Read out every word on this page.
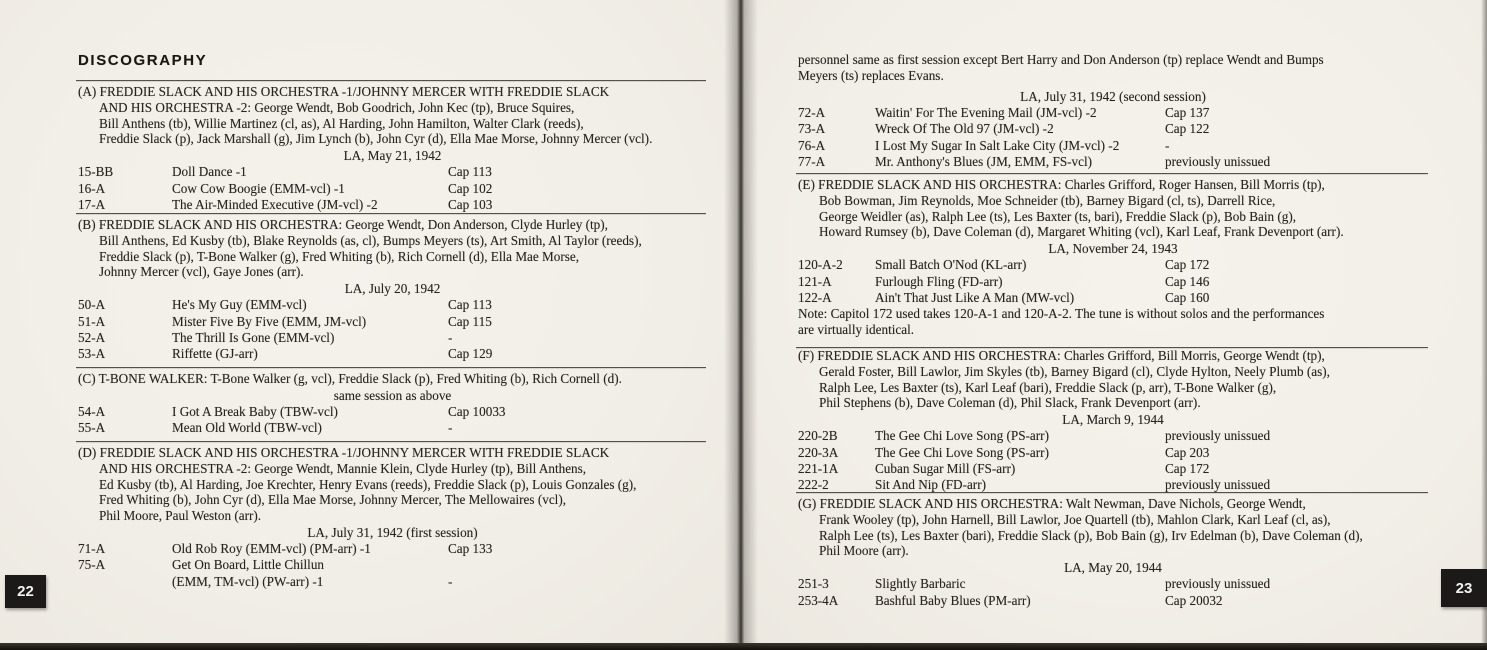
DISCOGRAPHY
22	23
(A) FREDDIE SLACK AND HIS ORCHESTRA -1/JOHNNY MERCER WITH FREDDIE SLACK
AND HIS ORCHESTRA -2: George Wendt, Bob Goodrich, John Kec (tp), Bruce Squires,
Bill Anthens (tb), Willie Martinez (cl, as), Al Harding, John Hamilton, Walter Clark (reeds),
Freddie Slack (p), Jack Marshall (g), Jim Lynch (b), John Cyr (d), Ella Mae Morse, Johnny Mercer (vcl).
LA, May 21, 1942
15-BB	Doll Dance -1	Cap 113
16-A	Cow Cow Boogie (EMM-vcl) -1	Cap 102
17-A	The Air-Minded Executive (JM-vcl) -2	Cap 103
(B) FREDDIE SLACK AND HIS ORCHESTRA: George Wendt, Don Anderson, Clyde Hurley (tp),
Bill Anthens, Ed Kusby (tb), Blake Reynolds (as, cl), Bumps Meyers (ts), Art Smith, Al Taylor (reeds),
Freddie Slack (p), T-Bone Walker (g), Fred Whiting (b), Rich Cornell (d), Ella Mae Morse,
Johnny Mercer (vcl), Gaye Jones (arr).
LA, July 20, 1942
50-A	He's My Guy (EMM-vcl)	Cap 113
51-A	Mister Five By Five (EMM, JM-vcl)	Cap 115
52-A	The Thrill Is Gone (EMM-vcl)	-
53-A	Riffette (GJ-arr)	Cap 129
(C) T-BONE WALKER: T-Bone Walker (g, vcl), Freddie Slack (p), Fred Whiting (b), Rich Cornell (d).
same session as above
54-A	I Got A Break Baby (TBW-vcl)	Cap 10033
55-A	Mean Old World (TBW-vcl)	-
(D) FREDDIE SLACK AND HIS ORCHESTRA -1/JOHNNY MERCER WITH FREDDIE SLACK
AND HIS ORCHESTRA -2: George Wendt, Mannie Klein, Clyde Hurley (tp), Bill Anthens,
Ed Kusby (tb), Al Harding, Joe Krechter, Henry Evans (reeds), Freddie Slack (p), Louis Gonzales (g),
Fred Whiting (b), John Cyr (d), Ella Mae Morse, Johnny Mercer, The Mellowaires (vcl),
Phil Moore, Paul Weston (arr).
LA, July 31, 1942 (first session)
71-A	Old Rob Roy (EMM-vcl) (PM-arr) -1	Cap 133
75-A	Get On Board, Little Chillun
(EMM, TM-vcl) (PW-arr) -1	-
personnel same as first session except Bert Harry and Don Anderson (tp) replace Wendt and Bumps
Meyers (ts) replaces Evans.
LA, July 31, 1942 (second session)
72-A	Waitin' For The Evening Mail (JM-vcl) -2	Cap 137
73-A	Wreck Of The Old 97 (JM-vcl) -2	Cap 122
76-A	I Lost My Sugar In Salt Lake City (JM-vcl) -2	-
77-A	Mr. Anthony's Blues (JM, EMM, FS-vcl)	previously unissued
(E) FREDDIE SLACK AND HIS ORCHESTRA: Charles Grifford, Roger Hansen, Bill Morris (tp),
Bob Bowman, Jim Reynolds, Moe Schneider (tb), Barney Bigard (cl, ts), Darrell Rice,
George Weidler (as), Ralph Lee (ts), Les Baxter (ts, bari), Freddie Slack (p), Bob Bain (g),
Howard Rumsey (b), Dave Coleman (d), Margaret Whiting (vcl), Karl Leaf, Frank Devenport (arr).
LA, November 24, 1943
120-A-2	Small Batch O'Nod (KL-arr)	Cap 172
121-A	Furlough Fling (FD-arr)	Cap 146
122-A	Ain't That Just Like A Man (MW-vcl)	Cap 160
Note: Capitol 172 used takes 120-A-1 and 120-A-2. The tune is without solos and the performances
are virtually identical.
(F) FREDDIE SLACK AND HIS ORCHESTRA: Charles Grifford, Bill Morris, George Wendt (tp),
Gerald Foster, Bill Lawlor, Jim Skyles (tb), Barney Bigard (cl), Clyde Hylton, Neely Plumb (as),
Ralph Lee, Les Baxter (ts), Karl Leaf (bari), Freddie Slack (p, arr), T-Bone Walker (g),
Phil Stephens (b), Dave Coleman (d), Phil Slack, Frank Devenport (arr).
LA, March 9, 1944
220-2B	The Gee Chi Love Song (PS-arr)	previously unissued
220-3A	The Gee Chi Love Song (PS-arr)	Cap 203
221-1A	Cuban Sugar Mill (FS-arr)	Cap 172
222-2	Sit And Nip (FD-arr)	previously unissued
(G) FREDDIE SLACK AND HIS ORCHESTRA: Walt Newman, Dave Nichols, George Wendt,
Frank Wooley (tp), John Harnell, Bill Lawlor, Joe Quartell (tb), Mahlon Clark, Karl Leaf (cl, as),
Ralph Lee (ts), Les Baxter (bari), Freddie Slack (p), Bob Bain (g), Irv Edelman (b), Dave Coleman (d),
Phil Moore (arr).
LA, May 20, 1944
251-3	Slightly Barbaric	previously unissued
253-4A	Bashful Baby Blues (PM-arr)	Cap 20032
